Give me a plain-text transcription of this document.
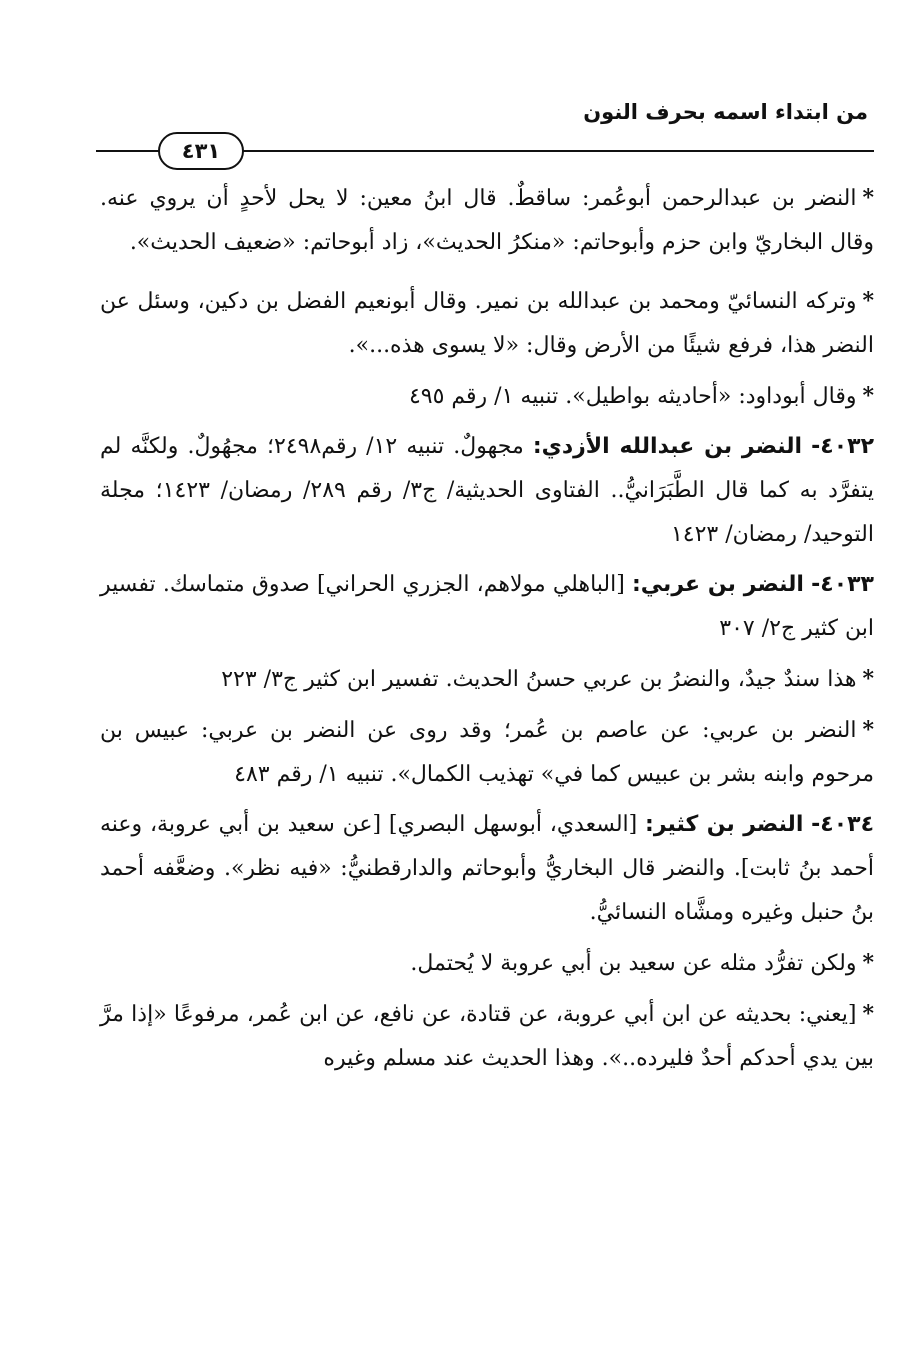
من ابتداء اسمه بحرف النون
٤٣١

*النضر بن عبدالرحمن أبوعُمر: ساقطٌ. قال ابنُ معين: لا يحل لأحدٍ أن يروي عنه. وقال البخاريّ وابن حزم وأبوحاتم: «منكرُ الحديث»، زاد أبوحاتم: «ضعيف الحديث».

*وتركه النسائيّ ومحمد بن عبدالله بن نمير. وقال أبونعيم الفضل بن دكين، وسئل عن النضر هذا، فرفع شيئًا من الأرض وقال: «لا يسوى هذه...».

*وقال أبوداود: «أحاديثه بواطيل». تنبيه ١/ رقم ٤٩٥

٤٠٣٢- النضر بن عبدالله الأزدي: مجهولٌ. تنبيه ١٢/ رقم٢٤٩٨؛ مجهُولٌ. ولكنَّه لم يتفرَّد به كما قال الطَّبَرَانيُّ.. الفتاوى الحديثية/ ج٣/ رقم ٢٨٩/ رمضان/ ١٤٢٣؛ مجلة التوحيد/ رمضان/ ١٤٢٣

٤٠٣٣- النضر بن عربي: [الباهلي مولاهم، الجزري الحراني] صدوق متماسك. تفسير ابن كثير ج٢/ ٣٠٧

*هذا سندٌ جيدٌ، والنضرُ بن عربي حسنُ الحديث. تفسير ابن كثير ج٣/ ٢٢٣

*النضر بن عربي: عن عاصم بن عُمر؛ وقد روى عن النضر بن عربي: عبيس بن مرحوم وابنه بشر بن عبيس كما في» تهذيب الكمال». تنبيه ١/ رقم ٤٨٣

٤٠٣٤- النضر بن كثير: [السعدي، أبوسهل البصري] [عن سعيد بن أبي عروبة، وعنه أحمد بنُ ثابت]. والنضر قال البخاريُّ وأبوحاتم والدارقطنيُّ: «فيه نظر». وضعَّفه أحمد بنُ حنبل وغيره ومشَّاه النسائيُّ.

*ولكن تفرُّد مثله عن سعيد بن أبي عروبة لا يُحتمل.

*[يعني: بحديثه عن ابن أبي عروبة، عن قتادة، عن نافع، عن ابن عُمر، مرفوعًا «إذا مرَّ بين يدي أحدكم أحدٌ فليرده..». وهذا الحديث عند مسلم وغيره
